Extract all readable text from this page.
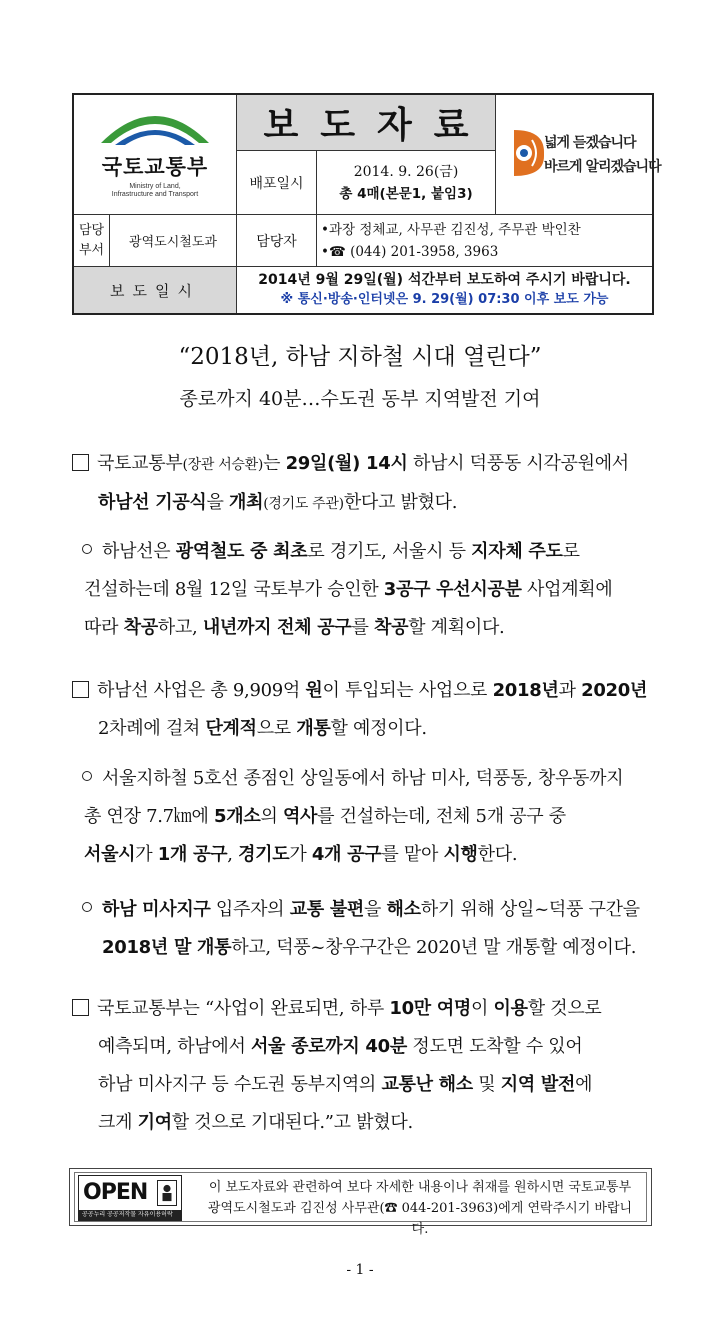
국토교통부
Ministry of Land,
Infrastructure and Transport
보도자료
배포일시
2014. 9. 26(금)
총 4매(본문1, 붙임3)
넓게 듣겠습니다
바르게 알리겠습니다
담당
부서	광역도시철도과	담당자
•과장 정체교, 사무관 김진성, 주무관 박인찬
•☎ (044) 201-3958, 3963
보도일시
2014년 9월 29일(월) 석간부터 보도하여 주시기 바랍니다.
※ 통신·방송·인터넷은 9. 29(월) 07:30 이후 보도 가능
“2018년, 하남 지하철 시대 열린다”
종로까지 40분…수도권 동부 지역발전 기여
국토교통부(장관 서승환)는 29일(월) 14시 하남시 덕풍동 시각공원에서
하남선 기공식을 개최(경기도 주관)한다고 밝혔다.
하남선은 광역철도 중 최초로 경기도, 서울시 등 지자체 주도로
건설하는데 8월 12일 국토부가 승인한 3공구 우선시공분 사업계획에
따라 착공하고, 내년까지 전체 공구를 착공할 계획이다.
하남선 사업은 총 9,909억 원이 투입되는 사업으로 2018년과 2020년
2차례에 걸쳐 단계적으로 개통할 예정이다.
서울지하철 5호선 종점인 상일동에서 하남 미사, 덕풍동, 창우동까지
총 연장 7.7㎞에 5개소의 역사를 건설하는데, 전체 5개 공구 중
서울시가 1개 공구, 경기도가 4개 공구를 맡아 시행한다.
하남 미사지구 입주자의 교통 불편을 해소하기 위해 상일~덕풍 구간을
2018년 말 개통하고, 덕풍~창우구간은 2020년 말 개통할 예정이다.
국토교통부는 “사업이 완료되면, 하루 10만 여명이 이용할 것으로
예측되며, 하남에서 서울 종로까지 40분 정도면 도착할 수 있어
하남 미사지구 등 수도권 동부지역의 교통난 해소 및 지역 발전에
크게 기여할 것으로 기대된다.”고 밝혔다.
OPEN
공공누리 공공저작물 자유이용허락
이 보도자료와 관련하여 보다 자세한 내용이나 취재를 원하시면 국토교통부
광역도시철도과 김진성 사무관(☎ 044-201-3963)에게 연락주시기 바랍니다.
- 1 -
